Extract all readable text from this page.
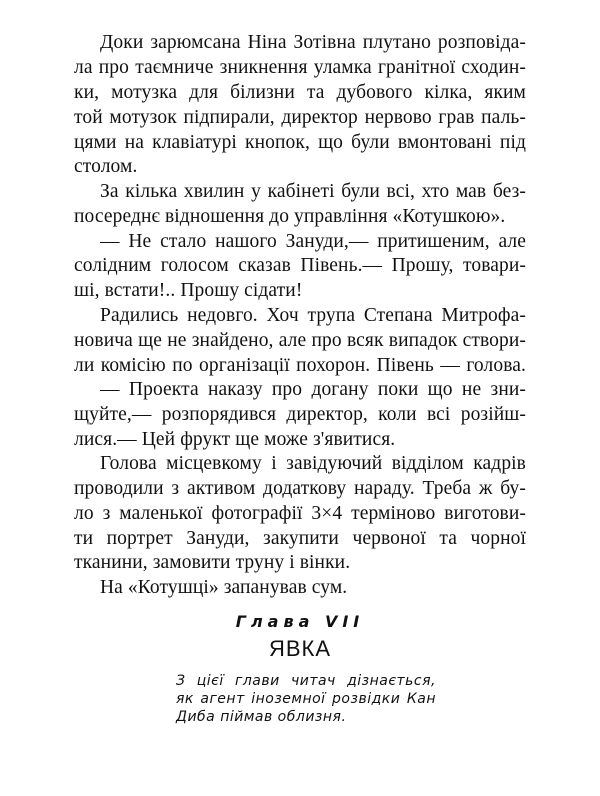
Доки зарюмсана Ніна Зотівна плутано розповіда-
ла про таємниче зникнення уламка гранітної сходин-
ки, мотузка для білизни та дубового кілка, яким
той мотузок підпирали, директор нервово грав паль-
цями на клавіатурі кнопок, що були вмонтовані під
столом.
За кілька хвилин у кабінеті були всі, хто мав без-
посереднє відношення до управління «Котушкою».
— Не стало нашого Зануди,— притишеним, але
солідним голосом сказав Півень.— Прошу, товари-
ші, встати!.. Прошу сідати!
Радились недовго. Хоч трупа Степана Митрофа-
новича ще не знайдено, але про всяк випадок створи-
ли комісію по організації похорон. Півень — голова.
— Проекта наказу про догану поки що не зни-
щуйте,— розпорядився директор, коли всі розійш-
лися.— Цей фрукт ще може з'явитися.
Голова місцевкому і завідуючий відділом кадрів
проводили з активом додаткову нараду. Треба ж бу-
ло з маленької фотографії 3×4 терміново виготови-
ти портрет Зануди, закупити червоної та чорної
тканини, замовити труну і вінки.
На «Котушці» запанував сум.
Глава VII
ЯВКА
З цієї глави читач дізнається,
як агент іноземної розвідки Кан
Диба піймав облизня.
